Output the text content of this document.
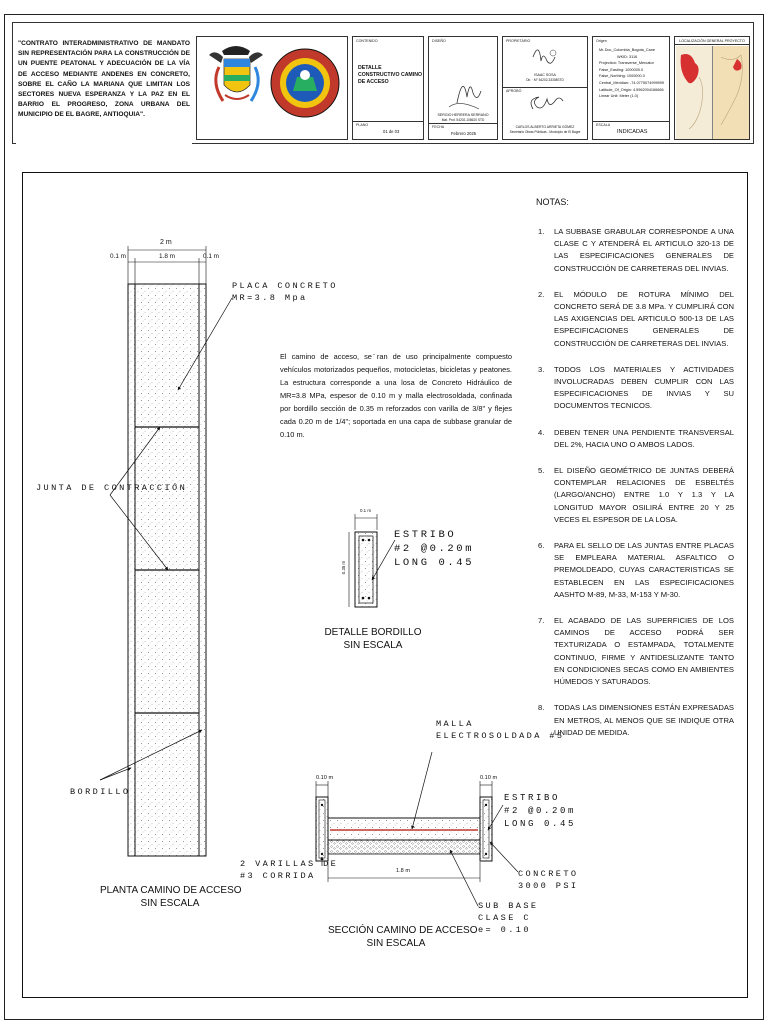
"CONTRATO INTERADMINISTRATIVO DE MANDATO SIN REPRESENTACIÓN PARA LA CONSTRUCCIÓN DE UN PUENTE PEATONAL Y ADECUACIÓN DE LA VÍA DE ACCESO MEDIANTE ANDENES EN CONCRETO, SOBRE EL CAÑO LA MARIANA QUE LIMITAN LOS SECTORES NUEVA ESPERANZA Y LA PAZ EN EL BARRIO EL PROGRESO, ZONA URBANA DEL MUNICIPIO DE EL BAGRE, ANTIOQUIA".
CONTENIDO
DETALLE CONSTRUCTIVO CAMINO DE ACCESO
PLANO
01 de 03
DISEÑO
SERGIO HERRERA SERRANO
Mat. Prof. 54202-108620 STD
FECHA
Febrero 2025
PROPIETARIO
ISAAC SOSA
Dir. · M° 54202-33308STD
APROBÓ
CARLOS ALBERTO ARRIETA GÓMEZ
Secretario Obras Públicas - Municipio de El Bagre
Origen
Mr-Doc_Colombia_Bogota_Cane
WKID: 3116
Projection: Transverse_Mercator
False_Easting: 1000000.0
False_Northing: 1000000.0
Central_Meridian: -74.0775074999999
Latitude_Of_Origin: 4.5962004166666
Linear Unit: Meter (1.0)
ESCALA
INDICADAS
LOCALIZACIÓN GENERAL PROYECTO
2 m
0.1 m	1.8 m	0.1 m
PLACA CONCRETO
MR=3.8 Mpa
JUNTA DE CONTRACCIÓN
BORDILLO
PLANTA CAMINO DE ACCESO
SIN ESCALA
El camino de acceso, se ̈ran de uso principalmente compuesto vehículos motorizados pequeños, motocicletas, bicicletas y peatones. La estructura corresponde a una losa de Concreto Hidráulico de MR=3.8 MPa, espesor de 0.10 m y malla electrosoldada, confinada por bordillo sección de 0.35 m reforzados con varilla de 3/8" y flejes cada 0.20 m de 1/4"; soportada en una capa de subbase granular de 0.10 m.
0.1 m
0.35 m
ESTRIBO
#2 @0.20m
LONG 0.45
DETALLE BORDILLO
SIN ESCALA
0.10 m	0.10 m
1.8 m
MALLA
ELECTROSOLDADA #5
ESTRIBO
#2 @0.20m
LONG 0.45
2 VARILLAS DE
#3 CORRIDA	CONCRETO
3000 PSI
SUB BASE
CLASE C
e= 0.10
SECCIÓN CAMINO DE ACCESO
SIN ESCALA
NOTAS:
1. LA SUBBASE GRABULAR CORRESPONDE A UNA CLASE C Y ATENDERÁ EL ARTICULO 320-13 DE LAS ESPECIFICACIONES GENERALES DE CONSTRUCCIÓN DE CARRETERAS DEL INVIAS.
2. EL MÓDULO DE ROTURA MÍNIMO DEL CONCRETO SERÁ DE 3.8 MPa. Y CUMPLIRÁ CON LAS AXIGENCIAS DEL ARTICULO 500-13 DE LAS ESPECIFICACIONES GENERALES DE CONSTRUCCIÓN DE CARRETERAS DEL INVIAS.
3. TODOS LOS MATERIALES Y ACTIVIDADES INVOLUCRADAS DEBEN CUMPLIR CON LAS ESPECIFICACIONES DE INVIAS Y SU DOCUMENTOS TECNICOS.
4. DEBEN TENER UNA PENDIENTE TRANSVERSAL DEL 2%, HACIA UNO O AMBOS LADOS.
5. EL DISEÑO GEOMÉTRICO DE JUNTAS DEBERÁ CONTEMPLAR RELACIONES DE ESBELTÉS (LARGO/ANCHO) ENTRE 1.0 Y 1.3 Y LA LONGITUD MAYOR OSILIRÁ ENTRE 20 Y 25 VECES EL ESPESOR DE LA LOSA.
6. PARA EL SELLO DE LAS JUNTAS ENTRE PLACAS SE EMPLEARA MATERIAL ASFALTICO O PREMOLDEADO, CUYAS CARACTERISTICAS SE ESTABLECEN EN LAS ESPECIFICACIONES AASHTO M-89, M-33, M-153 Y M-30.
7. EL ACABADO DE LAS SUPERFICIES DE LOS CAMINOS DE ACCESO PODRÁ SER TEXTURIZADA O ESTAMPADA, TOTALMENTE CONTINUO, FIRME Y ANTIDESLIZANTE TANTO EN CONDICIONES SECAS COMO EN AMBIENTES HÚMEDOS Y SATURADOS.
8. TODAS LAS DIMENSIONES ESTÁN EXPRESADAS EN METROS, AL MENOS QUE SE INDIQUE OTRA UNIDAD DE MEDIDA.
